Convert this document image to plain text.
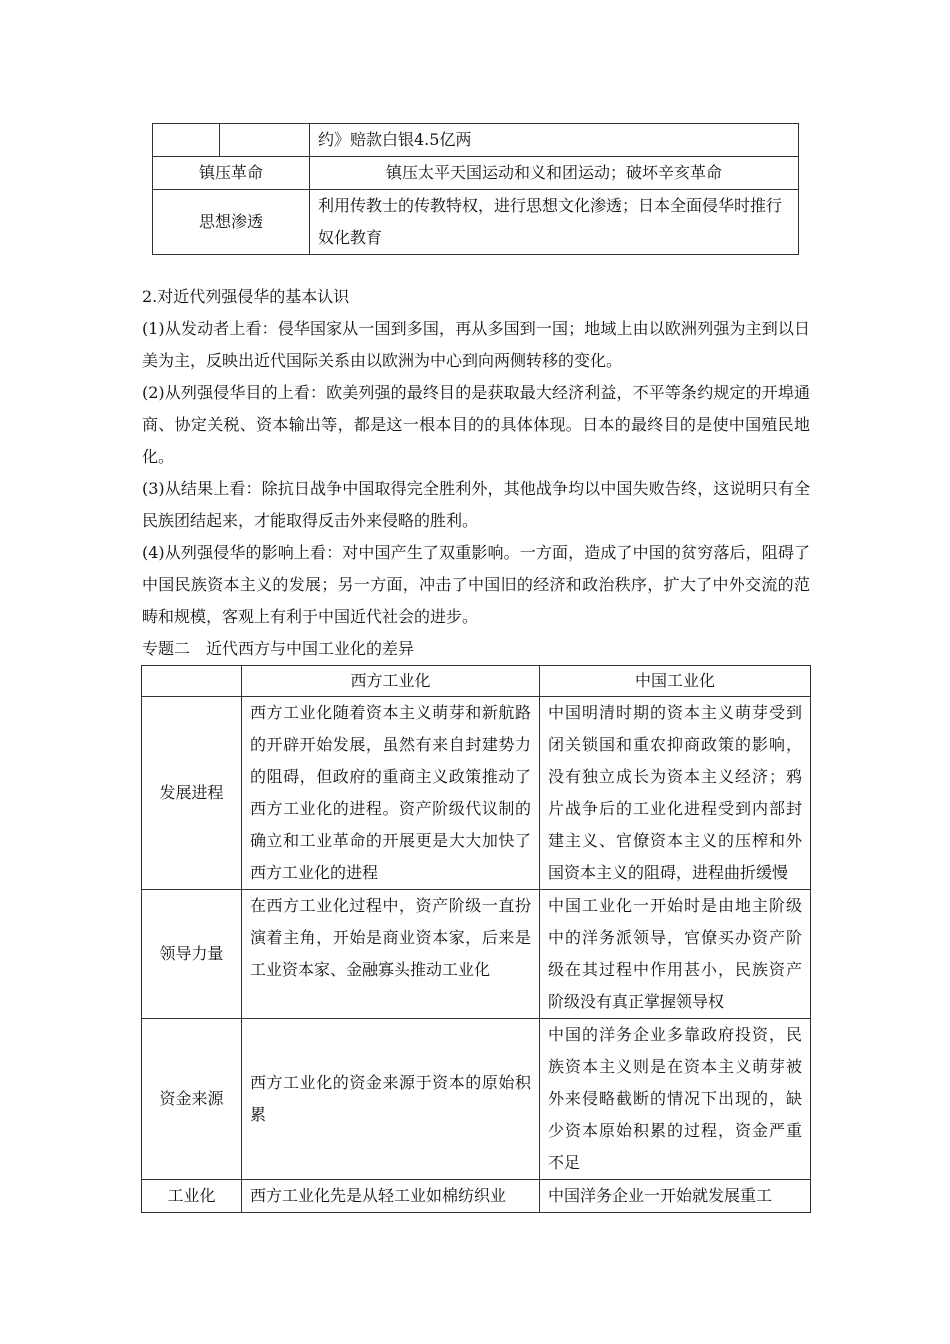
		约》赔款白银4.5亿两
镇压革命		镇压太平天国运动和义和团运动；破坏辛亥革命
思想渗透		利用传教士的传教特权，进行思想文化渗透；日本全面侵华时推行奴化教育

2.对近代列强侵华的基本认识

(1)从发动者上看：侵华国家从一国到多国，再从多国到一国；地域上由以欧洲列强为主到以日美为主，反映出近代国际关系由以欧洲为中心到向两侧转移的变化。

(2)从列强侵华目的上看：欧美列强的最终目的是获取最大经济利益，不平等条约规定的开埠通商、协定关税、资本输出等，都是这一根本目的的具体体现。日本的最终目的是使中国殖民地化。

(3)从结果上看：除抗日战争中国取得完全胜利外，其他战争均以中国失败告终，这说明只有全民族团结起来，才能取得反击外来侵略的胜利。

(4)从列强侵华的影响上看：对中国产生了双重影响。一方面，造成了中国的贫穷落后，阻碍了中国民族资本主义的发展；另一方面，冲击了中国旧的经济和政治秩序，扩大了中外交流的范畴和规模，客观上有利于中国近代社会的进步。

专题二　近代西方与中国工业化的差异

	西方工业化	中国工业化
发展进程	西方工业化随着资本主义萌芽和新航路的开辟开始发展，虽然有来自封建势力的阻碍，但政府的重商主义政策推动了西方工业化的进程。资产阶级代议制的确立和工业革命的开展更是大大加快了西方工业化的进程	中国明清时期的资本主义萌芽受到闭关锁国和重农抑商政策的影响，没有独立成长为资本主义经济；鸦片战争后的工业化进程受到内部封建主义、官僚资本主义的压榨和外国资本主义的阻碍，进程曲折缓慢
领导力量	在西方工业化过程中，资产阶级一直扮演着主角，开始是商业资本家，后来是工业资本家、金融寡头推动工业化	中国工业化一开始时是由地主阶级中的洋务派领导，官僚买办资产阶级在其过程中作用甚小，民族资产阶级没有真正掌握领导权
资金来源	西方工业化的资金来源于资本的原始积累	中国的洋务企业多靠政府投资，民族资本主义则是在资本主义萌芽被外来侵略截断的情况下出现的，缺少资本原始积累的过程，资金严重不足
工业化	西方工业化先是从轻工业如棉纺织业	中国洋务企业一开始就发展重工
